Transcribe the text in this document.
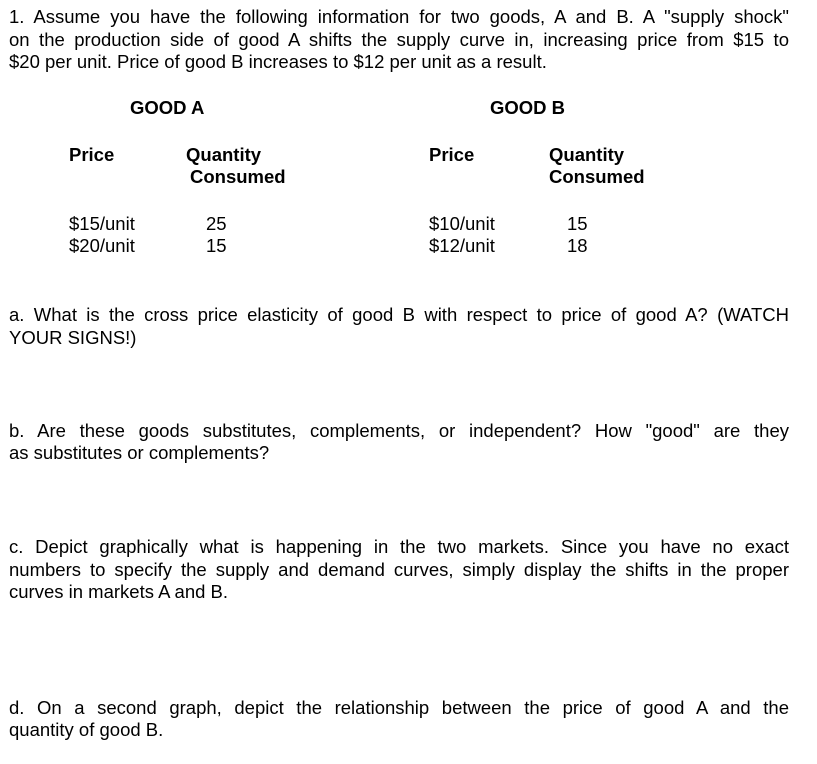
1. Assume you have the following information for two goods, A and B. A "supply shock"
on the production side of good A shifts the supply curve in, increasing price from $15 to
$20 per unit. Price of good B increases to $12 per unit as a result.
GOOD A
Price	Quantity
Consumed
$15/unit	25
$20/unit	15
GOOD B
Price	Quantity
Consumed
$10/unit	15
$12/unit	18
a. What is the cross price elasticity of good B with respect to price of good A? (WATCH
YOUR SIGNS!)
b. Are these goods substitutes, complements, or independent? How "good" are they
as substitutes or complements?
c. Depict graphically what is happening in the two markets. Since you have no exact
numbers to specify the supply and demand curves, simply display the shifts in the proper
curves in markets A and B.
d. On a second graph, depict the relationship between the price of good A and the
quantity of good B.
